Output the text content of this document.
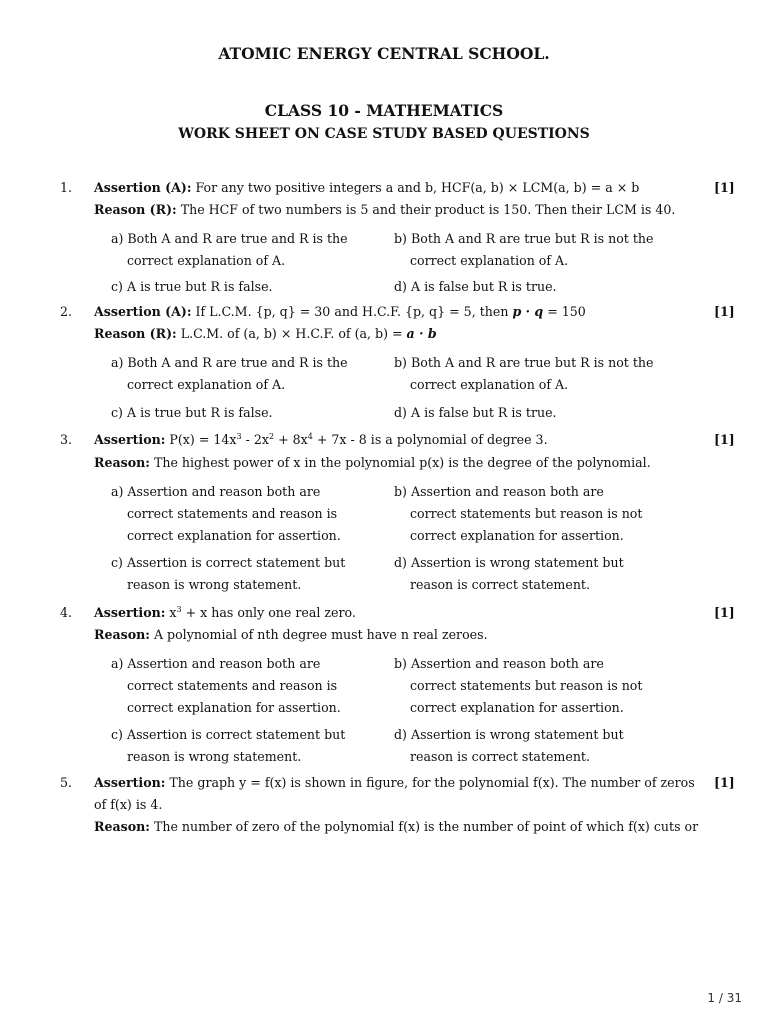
ATOMIC ENERGY CENTRAL SCHOOL.
CLASS 10 - MATHEMATICS
WORK SHEET ON CASE STUDY BASED QUESTIONS
1.	[1]
Assertion (A): For any two positive integers a and b, HCF(a, b) × LCM(a, b) = a × b
Reason (R): The HCF of two numbers is 5 and their product is 150. Then their LCM is 40.
a) Both A and R are true and R is the
correct explanation of A.
b) Both A and R are true but R is not the
correct explanation of A.
c) A is true but R is false.	d) A is false but R is true.
2.	[1]
Assertion (A): If L.C.M. {p, q} = 30 and H.C.F. {p, q} = 5, then p · q = 150
Reason (R): L.C.M. of (a, b) × H.C.F. of (a, b) = a · b
a) Both A and R are true and R is the
correct explanation of A.
b) Both A and R are true but R is not the
correct explanation of A.
c) A is true but R is false.	d) A is false but R is true.
3.	[1]
Assertion: $P(x) = 14x^3 - 2x^2 + 8x^4 + 7x - 8$ is a polynomial of degree 3.
Reason: The highest power of x in the polynomial p(x) is the degree of the polynomial.
a) Assertion and reason both are
correct statements and reason is
correct explanation for assertion.
b) Assertion and reason both are
correct statements but reason is not
correct explanation for assertion.
c) Assertion is correct statement but
reason is wrong statement.
d) Assertion is wrong statement but
reason is correct statement.
4.	[1]
Assertion: $x^3 + x$ has only one real zero.
Reason: A polynomial of nth degree must have n real zeroes.
a) Assertion and reason both are
correct statements and reason is
correct explanation for assertion.
b) Assertion and reason both are
correct statements but reason is not
correct explanation for assertion.
c) Assertion is correct statement but
reason is wrong statement.
d) Assertion is wrong statement but
reason is correct statement.
5.	[1]
Assertion: The graph y = f(x) is shown in figure, for the polynomial f(x). The number of zeros
of f(x) is 4.
Reason: The number of zero of the polynomial f(x) is the number of point of which f(x) cuts or
1 / 31
